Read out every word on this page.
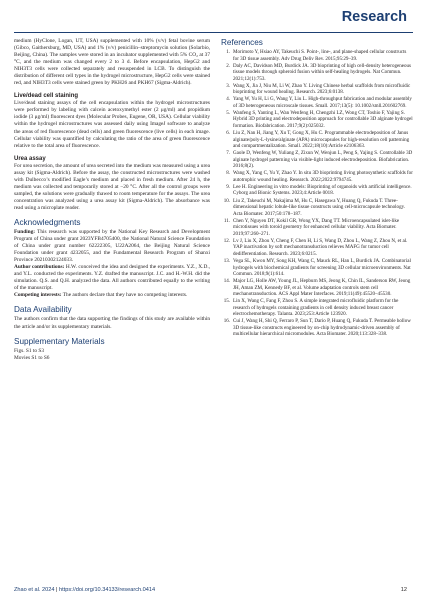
Research

medium (HyClone, Logan, UT, USA) supplemented with 10% (v/v) fetal bovine serum (Gibco, Gaithersburg, MD, USA) and 1% (v/v) penicillin–streptomycin solution (Solarbio, Beijing, China). The samples were stored in an incubator supplemented with 5% CO₂ at 37 °C, and the medium was changed every 2 to 3 d. Before encapsulation, HepG2 and NIH3T3 cells were collected separately and resuspended in LCB. To distinguish the distribution of different cell types in the hydrogel microstructure, HepG2 cells were stained red, and NIH3T3 cells were stained green by PKH26 and PKH67 (Sigma-Aldrich).

Live/dead cell staining

Live/dead staining assays of the cell encapsulation within the hydrogel microstructures were performed by labeling with calcein acetoxymethyl ester (2 μg/ml) and propidium iodide (3 μg/ml) fluorescent dyes (Molecular Probes, Eugene, OR, USA). Cellular viability within the hydrogel microstructures was assessed daily using ImageJ software to analyze the areas of red fluorescence (dead cells) and green fluorescence (live cells) in each image. Cellular viability was quantified by calculating the ratio of the area of green fluorescence relative to the total area of fluorescence.

Urea assay

For urea secretion, the amount of urea secreted into the medium was measured using a urea assay kit (Sigma-Aldrich). Before the assay, the constructed microstructures were washed with Dulbecco’s modified Eagle’s medium and placed in fresh medium. After 24 h, the medium was collected and temporarily stored at −20 °C. After all the control groups were sampled, the solutions were gradually thawed to room temperature for the assays. The urea concentration was analyzed using a urea assay kit (Sigma-Aldrich). The absorbance was read using a microplate reader.

Acknowledgments

Funding: This research was supported by the National Key Research and Development Program of China under grant 2023YFB4705400, the National Natural Science Foundation of China under grant number 62222305, U22A2064, the Beijing Natural Science Foundation under grant 4232055, and the Fundamental Research Program of Shanxi Province 20210302124033.

Author contributions: H.W. conceived the idea and designed the experiments. Y.Z., X.D., and Y.L. conducted the experiments. Y.Z. drafted the manuscript. J.C. and H.-W.H. did the simulation. Q.S. and Q.H. analyzed the data. All authors contributed equally to the writing of the manuscript.

Competing interests: The authors declare that they have no competing interests.

Data Availability

The authors confirm that the data supporting the findings of this study are available within the article and/or its supplementary materials.

Supplementary Materials

Figs. S1 to S3

Movies S1 to S6

References
1. Morimoto Y, Hsiao AY, Takeuchi S. Point-, line-, and plane-shaped cellular constructs for 3D tissue assembly. Adv Drug Deliv Rev. 2015;95:29–39.
2. Daly AC, Davidson MD, Burdick JA. 3D bioprinting of high cell-density heterogeneous tissue models through spheroid fusion within self-healing hydrogels. Nat Commun. 2021;12(1):753.
3. Wang X, Jia J, Niu M, Li W, Zhao Y. Living Chinese herbal scaffolds from microfluidic bioprinting for wound healing. Research. 2023;6:0138.
4. Yang W, Yu H, Li G, Wang Y, Liu L. High-throughput fabrication and modular assembly of 3D heterogeneous microscale tissues. Small. 2017;13(5): 10.1002/smll.201602769.
5. Wanfeng S, Yanting L, Wan Wenfeng H, Chengzhi LZ, Wong CT, Toshio F, Yajing S. Hybrid 3D printing and electrodeposition approach for controllable 3D alginate hydrogel formation. Biofabrication. 2017;9(2):025032.
6. Liu Z, Nan H, Jiang Y, Xu T, Gong X, Hu C. Programmable electrodeposition of Janus alginate/poly-L-lysine/alginate (APA) microcapsules for high-resolution cell patterning and compartmentalization. Small. 2022;18(10):Article e2106363.
7. Gaole D, Wenfeng W, Yuliang Z, Zixun W, Wenjun L, Peng S, Yajing S. Controllable 3D alginate hydrogel patterning via visible-light induced electrodeposition. Biofabrication. 2016;8(2).
8. Wang X, Yang C, Yu Y, Zhao Y. In situ 3D bioprinting living photosynthetic scaffolds for autotrophic wound healing. Research. 2022;2022:9794745.
9. Lee H. Engineering in vitro models: Bioprinting of organoids with artificial intelligence. Cyborg and Bionic Systems. 2023;4:Article 0018.
10. Liu Z, Takeuchi M, Nakajima M, Hu C, Hasegawa Y, Huang Q, Fukuda T. Three-dimensional hepatic lobule-like tissue constructs using cell-microcapsule technology. Acta Biomater. 2017;50:178–187.
11. Chen Y, Nguyen DT, Kokil GR, Wong YX, Dang TT. Microencapsulated islet-like microtissues with toroid geometry for enhanced cellular viability. Acta Biomater. 2019;97:260–271.
12. Lv J, Liu X, Zhou Y, Cheng F, Chen H, Li S, Wang D, Zhou L, Wang Z, Zhou N, et al. YAP inactivation by soft mechanotransduction relieves MAFG for tumor cell dedifferentiation. Research. 2023;6:0215.
13. Vega SL, Kwon MY, Song KH, Wang C, Mauck RL, Han L, Burdick JA. Combinatorial hydrogels with biochemical gradients for screening 3D cellular microenvironments. Nat Commun. 2018;9(1):614.
14. Major LG, Holle AW, Young JL, Hepburn MS, Jeong K, Chin IL, Sanderson RW, Jeong JH, Aman ZM, Kennedy BF, et al. Volume adaptation controls stem cell mechanotransduction. ACS Appl Mater Interfaces. 2019;11(49):45520–45530.
15. Lin X, Wang C, Fang F, Zhou S. A simple integrated microfluidic platform for the research of hydrogels containing gradients in cell density induced breast cancer electrochemotherapy. Talanta. 2023;253:Article 123920.
16. Cui J, Wang H, Shi Q, Ferraro P, Sun T, Dario P, Huang Q, Fukuda T. Permeable hollow 3D tissue-like constructs engineered by on-chip hydrodynamic-driven assembly of multicellular hierarchical micromodules. Acta Biomater. 2020;113:328–338.
Zhao et al. 2024 | https://doi.org/10.34133/research.0414	12
